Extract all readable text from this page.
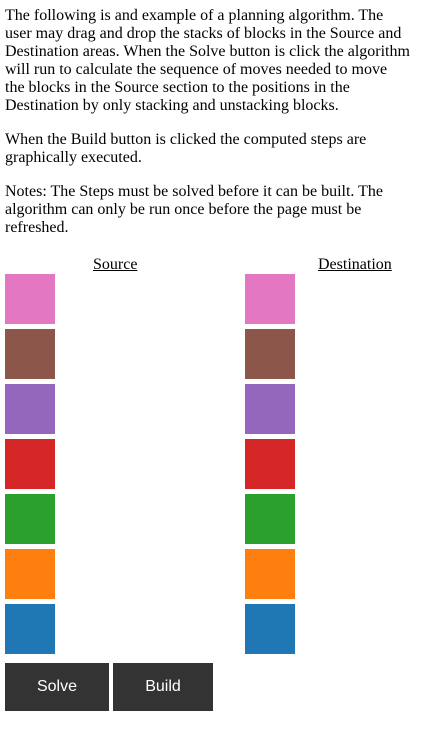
The following is and example of a planning algorithm. The user may drag and drop the stacks of blocks in the Source and Destination areas. When the Solve button is click the algorithm will run to calculate the sequence of moves needed to move the blocks in the Source section to the positions in the Destination by only stacking and unstacking blocks.

When the Build button is clicked the computed steps are graphically executed.

Notes: The Steps must be solved before it can be built. The algorithm can only be run once before the page must be refreshed.

Source	Destination
Solve	Build
